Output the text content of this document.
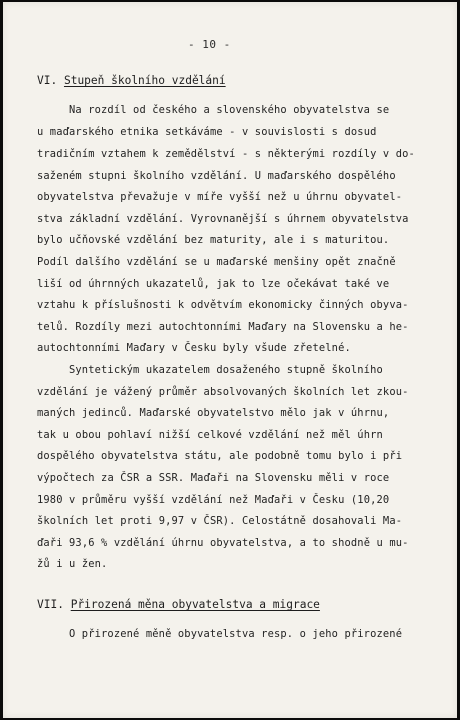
- 10 -
VI. Stupeň školního vzdělání
Na rozdíl od českého a slovenského obyvatelstva se
u maďarského etnika setkáváme - v souvislosti s dosud
tradičním vztahem k zemědělství - s některými rozdíly v do-
saženém stupni školního vzdělání. U maďarského dospělého
obyvatelstva převažuje v míře vyšší než u úhrnu obyvatel-
stva základní vzdělání. Vyrovnanější s úhrnem obyvatelstva
bylo učňovské vzdělání bez maturity, ale i s maturitou.
Podíl dalšího vzdělání se u maďarské menšiny opět značně
liší od úhrnných ukazatelů, jak to lze očekávat také ve
vztahu k příslušnosti k odvětvím ekonomicky činných obyva-
telů. Rozdíly mezi autochtonními Maďary na Slovensku a he-
autochtonními Maďary v Česku byly všude zřetelné.
Syntetickým ukazatelem dosaženého stupně školního
vzdělání je vážený průměr absolvovaných školních let zkou-
maných jedinců. Maďarské obyvatelstvo mělo jak v úhrnu,
tak u obou pohlaví nižší celkové vzdělání než měl úhrn
dospělého obyvatelstva státu, ale podobně tomu bylo i při
výpočtech za ČSR a SSR. Maďaři na Slovensku měli v roce
1980 v průměru vyšší vzdělání než Maďaři v Česku (10,20
školních let proti 9,97 v ČSR). Celostátně dosahovali Ma-
ďaři 93,6 % vzdělání úhrnu obyvatelstva, a to shodně u mu-
žů i u žen.
VII. Přirozená měna obyvatelstva a migrace
O přirozené měně obyvatelstva resp. o jeho přirozené
